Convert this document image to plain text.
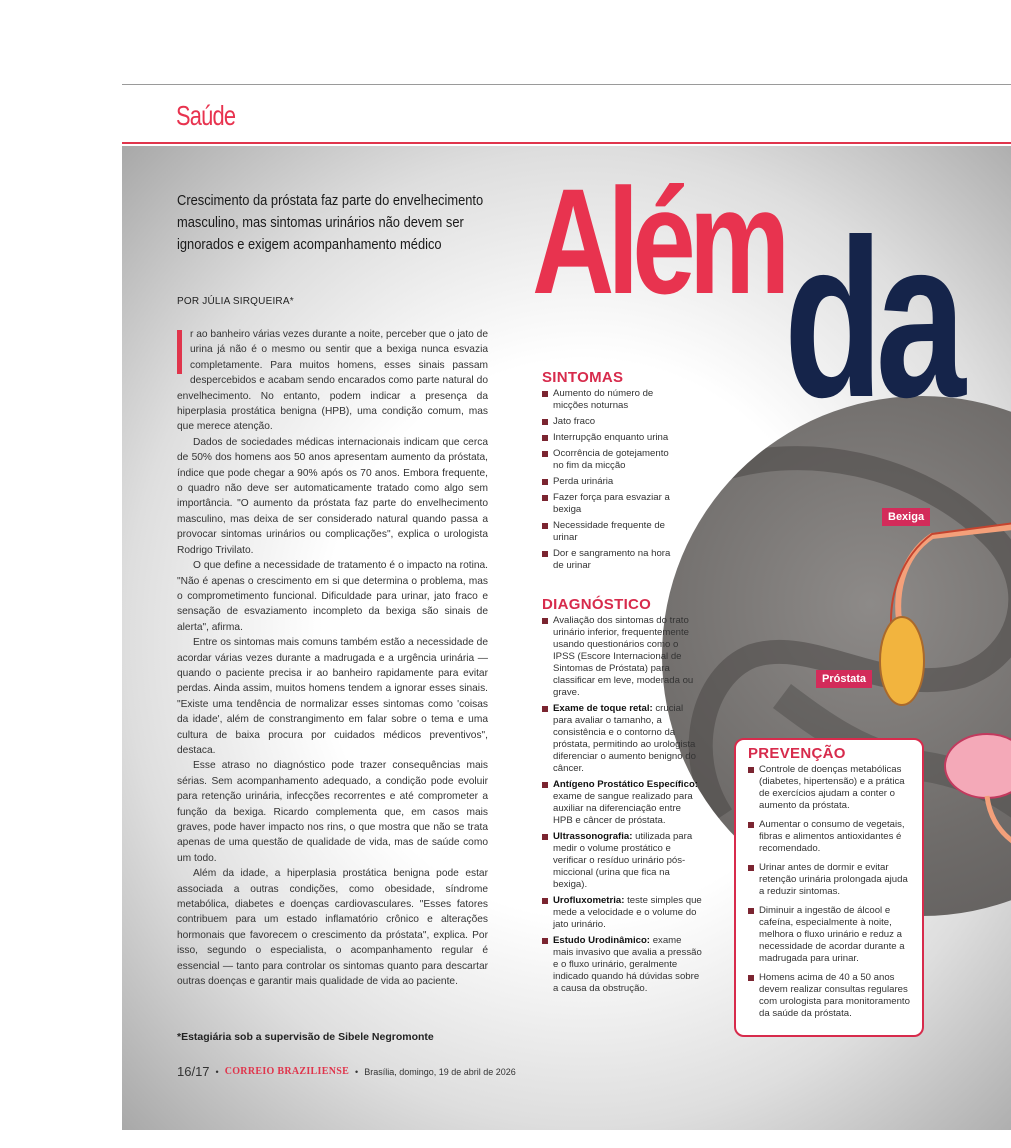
Saúde
Crescimento da próstata faz parte do envelhecimento masculino, mas sintomas urinários não devem ser ignorados e exigem acompanhamento médico
POR JÚLIA SIRQUEIRA*

r ao banheiro várias vezes durante a noite, perceber que o jato de urina já não é o mesmo ou sentir que a bexiga nunca esvazia completamente. Para muitos homens, esses sinais passam despercebidos e acabam sendo encarados como parte natural do envelhecimento. No entanto, podem indicar a presença da hiperplasia prostática benigna (HPB), uma condição comum, mas que merece atenção.

Dados de sociedades médicas internacionais indicam que cerca de 50% dos homens aos 50 anos apresentam aumento da próstata, índice que pode chegar a 90% após os 70 anos. Embora frequente, o quadro não deve ser automaticamente tratado como algo sem importância. "O aumento da próstata faz parte do envelhecimento masculino, mas deixa de ser considerado natural quando passa a provocar sintomas urinários ou complicações", explica o urologista Rodrigo Trivilato.

O que define a necessidade de tratamento é o impacto na rotina. "Não é apenas o crescimento em si que determina o problema, mas o comprometimento funcional. Dificuldade para urinar, jato fraco e sensação de esvaziamento incompleto da bexiga são sinais de alerta", afirma.

Entre os sintomas mais comuns também estão a necessidade de acordar várias vezes durante a madrugada e a urgência urinária — quando o paciente precisa ir ao banheiro rapidamente para evitar perdas. Ainda assim, muitos homens tendem a ignorar esses sinais. "Existe uma tendência de normalizar esses sintomas como 'coisas da idade', além de constrangimento em falar sobre o tema e uma cultura de baixa procura por cuidados médicos preventivos", destaca.

Esse atraso no diagnóstico pode trazer consequências mais sérias. Sem acompanhamento adequado, a condição pode evoluir para retenção urinária, infecções recorrentes e até comprometer a função da bexiga. Ricardo complementa que, em casos mais graves, pode haver impacto nos rins, o que mostra que não se trata apenas de uma questão de qualidade de vida, mas de saúde como um todo.

Além da idade, a hiperplasia prostática benigna pode estar associada a outras condições, como obesidade, síndrome metabólica, diabetes e doenças cardiovasculares. "Esses fatores contribuem para um estado inflamatório crônico e alterações hormonais que favorecem o crescimento da próstata", explica. Por isso, segundo o especialista, o acompanhamento regular é essencial — tanto para controlar os sintomas quanto para descartar outras doenças e garantir mais qualidade de vida ao paciente.

*Estagiária sob a supervisão de Sibele Negromonte
16/17 • CORREIO BRAZILIENSE • Brasília, domingo, 19 de abril de 2026
Bexiga
Próstata
Além da
SINTOMAS
Aumento do número de micções noturnas
Jato fraco
Interrupção enquanto urina
Ocorrência de gotejamento no fim da micção
Perda urinária
Fazer força para esvaziar a bexiga
Necessidade frequente de urinar
Dor e sangramento na hora de urinar
DIAGNÓSTICO
Avaliação dos sintomas do trato urinário inferior, frequentemente usando questionários como o IPSS (Escore Internacional de Sintomas de Próstata) para classificar em leve, moderada ou grave.
Exame de toque retal: crucial para avaliar o tamanho, a consistência e o contorno da próstata, permitindo ao urologista diferenciar o aumento benigno do câncer.
Antígeno Prostático Específico: exame de sangue realizado para auxiliar na diferenciação entre HPB e câncer de próstata.
Ultrassonografia: utilizada para medir o volume prostático e verificar o resíduo urinário pós-miccional (urina que fica na bexiga).
Urofluxometria: teste simples que mede a velocidade e o volume do jato urinário.
Estudo Urodinâmico: exame mais invasivo que avalia a pressão e o fluxo urinário, geralmente indicado quando há dúvidas sobre a causa da obstrução.
PREVENÇÃO
Controle de doenças metabólicas (diabetes, hipertensão) e a prática de exercícios ajudam a conter o aumento da próstata.
Aumentar o consumo de vegetais, fibras e alimentos antioxidantes é recomendado.
Urinar antes de dormir e evitar retenção urinária prolongada ajuda a reduzir sintomas.
Diminuir a ingestão de álcool e cafeína, especialmente à noite, melhora o fluxo urinário e reduz a necessidade de acordar durante a madrugada para urinar.
Homens acima de 40 a 50 anos devem realizar consultas regulares com urologista para monitoramento da saúde da próstata.
